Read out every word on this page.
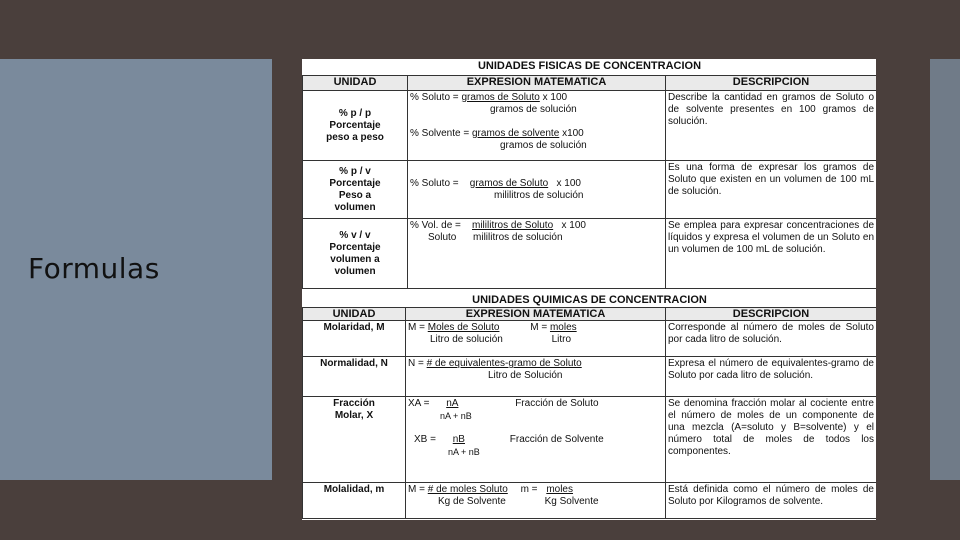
Formulas
UNIDADES FISICAS DE CONCENTRACION		
UNIDAD	EXPRESION MATEMATICA	DESCRIPCION

% p / p
Porcentaje
peso a peso	% Soluto = gramos de Soluto x 100
gramos de solución
% Solvente = gramos de solvente x100
gramos de solución	Describe la cantidad en gramos de Soluto o de solvente presentes en 100 gramos de solución.

% p / v
Porcentaje
Peso a
volumen	% Soluto = gramos de Soluto x 100
mililitros de solución	Es una forma de expresar los gramos de Soluto que existen en un volumen de 100 mL de solución.

% v / v
Porcentaje
volumen a
volumen	% Vol. de = mililitros de Soluto x 100
Soluto mililitros de solución	Se emplea para expresar concentraciones de líquidos y expresa el volumen de un Soluto en un volumen de 100 mL de solución.
UNIDADES QUIMICAS DE CONCENTRACION		
UNIDAD	EXPRESION MATEMATICA	DESCRIPCION
Molaridad, M	M = Moles de Soluto M = moles
Litro de solución Litro	Corresponde al número de moles de Soluto por cada litro de solución.
Normalidad, N	N = # de equivalentes-gramo de Soluto
Litro de Solución	Expresa el número de equivalentes-gramo de Soluto por cada litro de solución.

Fracción
Molar, X	XA = nA Fracción de Soluto
nA + nB
XB = nB Fracción de Solvente
nA + nB	Se denomina fracción molar al cociente entre el número de moles de un componente de una mezcla (A=soluto y B=solvente) y el número total de moles de todos los componentes.
Molalidad, m	M = # de moles Soluto m = moles
Kg de Solvente Kg Solvente	Está definida como el número de moles de Soluto por Kilogramos de solvente.
